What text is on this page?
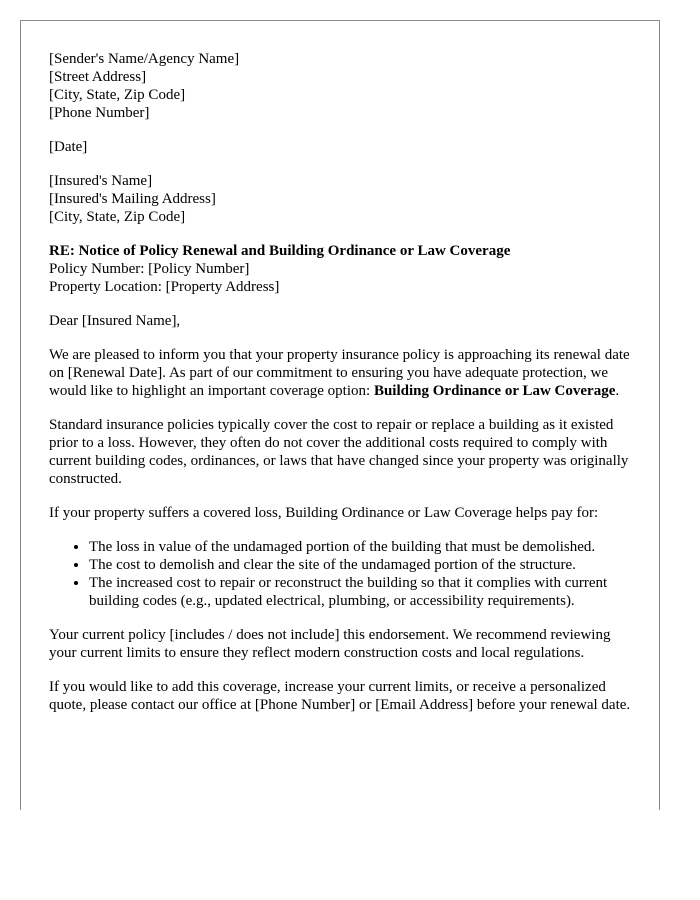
[Sender's Name/Agency Name]
[Street Address]
[City, State, Zip Code]
[Phone Number]
[Date]
[Insured's Name]
[Insured's Mailing Address]
[City, State, Zip Code]
RE: Notice of Policy Renewal and Building Ordinance or Law Coverage
Policy Number: [Policy Number]
Property Location: [Property Address]

Dear [Insured Name],

We are pleased to inform you that your property insurance policy is approaching its renewal date on [Renewal Date]. As part of our commitment to ensuring you have adequate protection, we would like to highlight an important coverage option: Building Ordinance or Law Coverage.

Standard insurance policies typically cover the cost to repair or replace a building as it existed prior to a loss. However, they often do not cover the additional costs required to comply with current building codes, ordinances, or laws that have changed since your property was originally constructed.

If your property suffers a covered loss, Building Ordinance or Law Coverage helps pay for:

• The loss in value of the undamaged portion of the building that must be demolished.
• The cost to demolish and clear the site of the undamaged portion of the structure.
• The increased cost to repair or reconstruct the building so that it complies with current building codes (e.g., updated electrical, plumbing, or accessibility requirements).

Your current policy [includes / does not include] this endorsement. We recommend reviewing your current limits to ensure they reflect modern construction costs and local regulations.

If you would like to add this coverage, increase your current limits, or receive a personalized quote, please contact our office at [Phone Number] or [Email Address] before your renewal date.
